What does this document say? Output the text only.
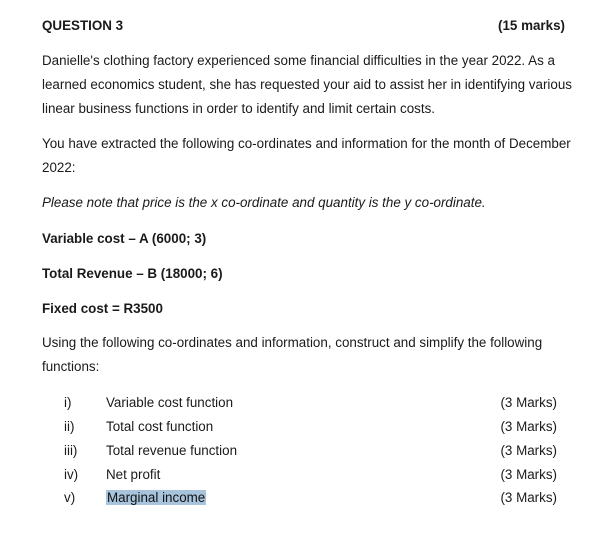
QUESTION 3	(15 marks)
Danielle's clothing factory experienced some financial difficulties in the year 2022. As a learned economics student, she has requested your aid to assist her in identifying various linear business functions in order to identify and limit certain costs.
You have extracted the following co-ordinates and information for the month of December 2022:
Please note that price is the x co-ordinate and quantity is the y co-ordinate.
Variable cost – A (6000; 3)
Total Revenue – B (18000; 6)
Fixed cost = R3500
Using the following co-ordinates and information, construct and simplify the following functions:
i)	Variable cost function	(3 Marks)
ii) Total cost function	(3 Marks)
iii) Total revenue function	(3 Marks)
iv) Net profit	(3 Marks)
v) Marginal income	(3 Marks)
